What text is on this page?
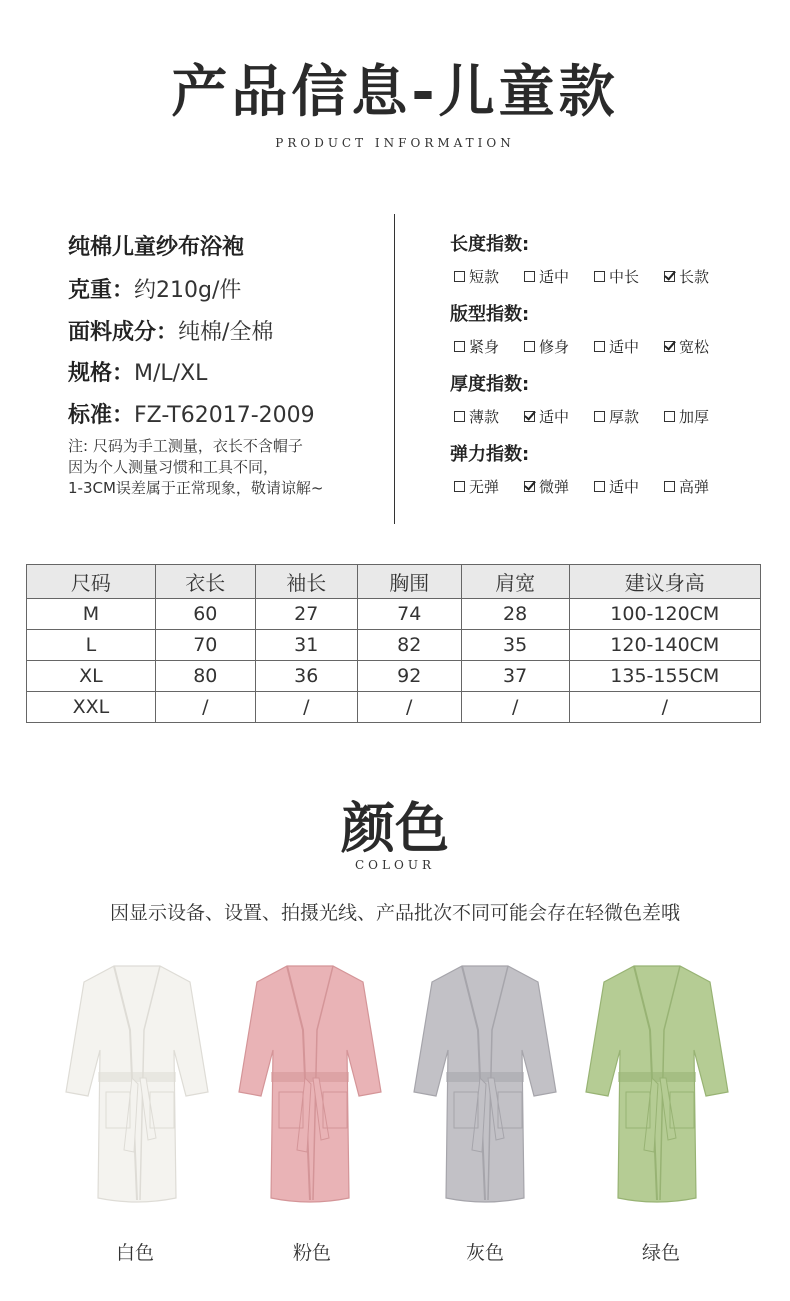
产品信息-儿童款
PRODUCT INFORMATION
纯棉儿童纱布浴袍
克重：约210g/件
面料成分：纯棉/全棉
规格：M/L/XL
标准：FZ-T62017-2009
注: 尺码为手工测量，衣长不含帽子
因为个人测量习惯和工具不同，
1-3CM误差属于正常现象，敬请谅解~
长度指数:
短款	适中	中长	长款
版型指数:
紧身	修身	适中	宽松
厚度指数:
薄款	适中	厚款	加厚
弹力指数:
无弹	微弹	适中	高弹
尺码	衣长	袖长	胸围	肩宽	建议身高
M	60	27	74	28	100-120CM
L	70	31	82	35	120-140CM
XL	80	36	92	37	135-155CM
XXL	/	/	/	/	/
颜色
COLOUR
因显示设备、设置、拍摄光线、产品批次不同可能会存在轻微色差哦
白色	粉色	灰色	绿色
